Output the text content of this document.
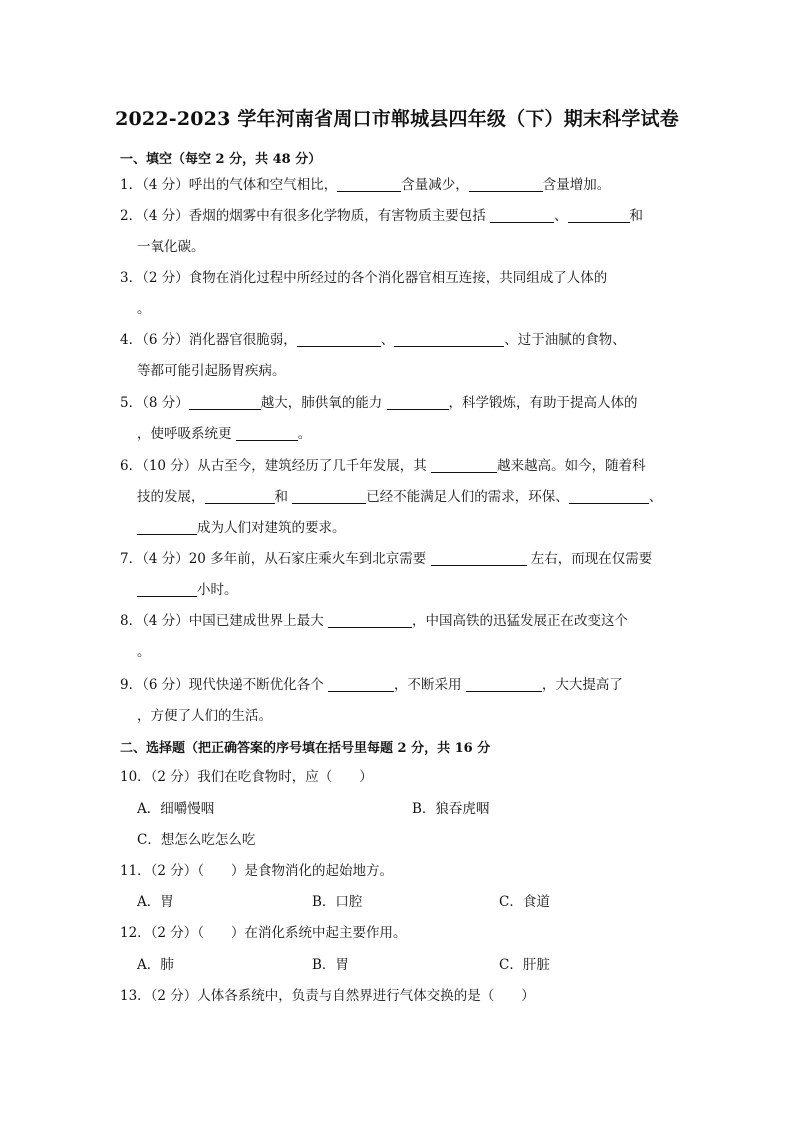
2022-2023 学年河南省周口市郸城县四年级（下）期末科学试卷
一、填空（每空 2 分，共 48 分）
1．（4 分）呼出的气体和空气相比，	含量减少，	含量增加。
2．（4 分）香烟的烟雾中有很多化学物质，有害物质主要包括	、	和
一氧化碳。
3．（2 分）食物在消化过程中所经过的各个消化器官相互连接，共同组成了人体的
。
4．（6 分）消化器官很脆弱，	、	、过于油腻的食物、
等都可能引起肠胃疾病。
5．（8 分）	越大，肺供氧的能力	，科学锻炼，有助于提高人体的
，使呼吸系统更	。
6．（10 分）从古至今，建筑经历了几千年发展，其	越来越高。如今，随着科
技的发展，	和	已经不能满足人们的需求，环保、	、
成为人们对建筑的要求。
7．（4 分）20 多年前，从石家庄乘火车到北京需要	左右，而现在仅需要
小时。
8．（4 分）中国已建成世界上最大	，中国高铁的迅猛发展正在改变这个
。
9．（6 分）现代快递不断优化各个	，不断采用	，大大提高了
，方便了人们的生活。
二、选择题（把正确答案的序号填在括号里每题 2 分，共 16 分
10．（2 分）我们在吃食物时，应（　　）
A．细嚼慢咽	B．狼吞虎咽
C．想怎么吃怎么吃
11．（2 分）（　　）是食物消化的起始地方。
A．胃	B．口腔	C．食道
12．（2 分）（　　）在消化系统中起主要作用。
A．肺	B．胃	C．肝脏
13．（2 分）人体各系统中，负责与自然界进行气体交换的是（　　）
